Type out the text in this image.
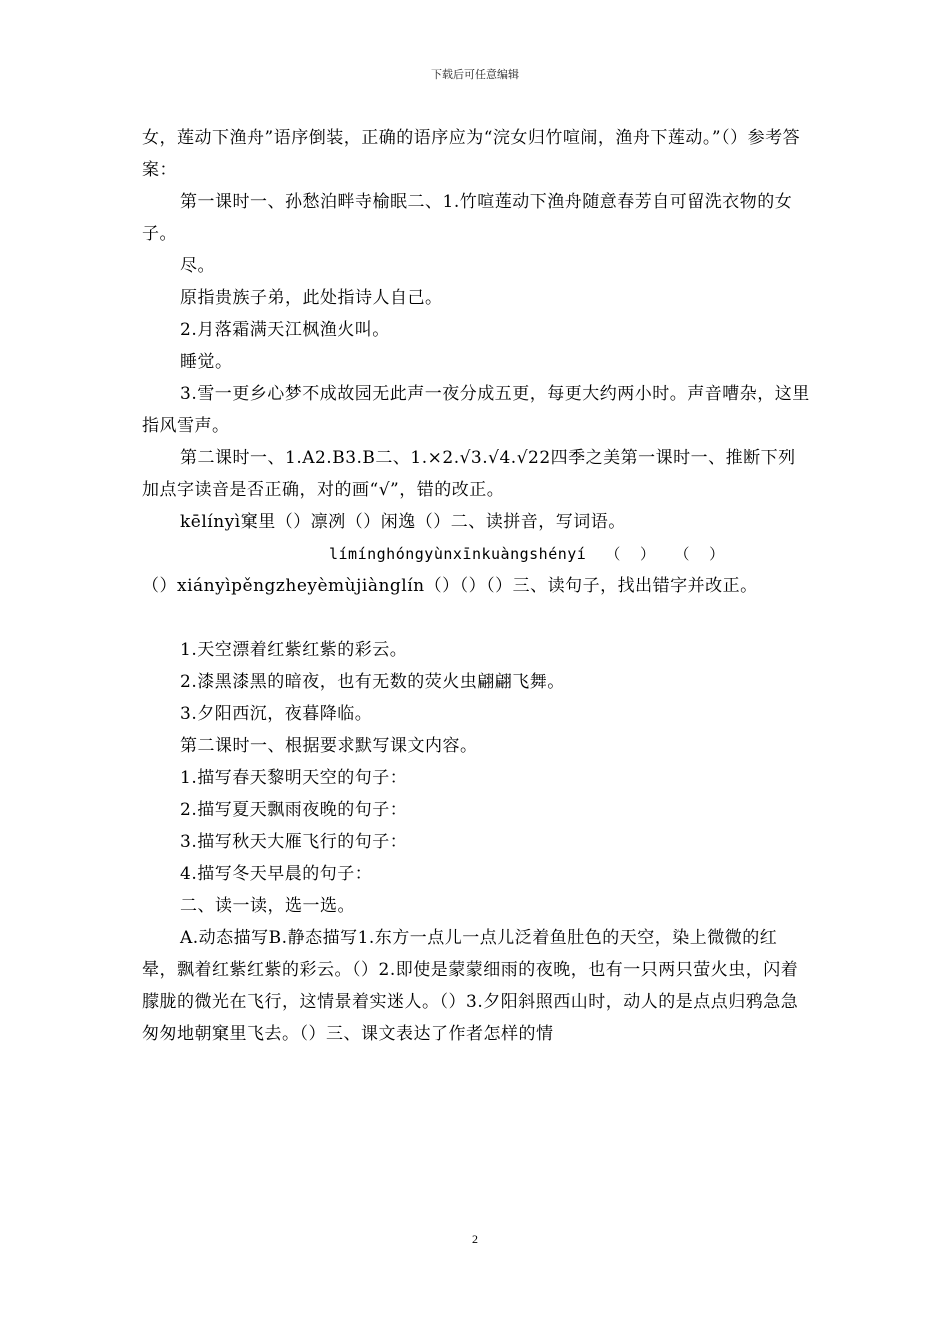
下载后可任意编辑

女，莲动下渔舟”语序倒装，正确的语序应为“浣女归竹喧闹，渔舟下莲动。”（）参考答案：

第一课时一、孙愁泊畔寺榆眠二、1.竹喧莲动下渔舟随意春芳自可留洗衣物的女子。

尽。

原指贵族子弟，此处指诗人自己。

2.月落霜满天江枫渔火叫。

睡觉。

3.雪一更乡心梦不成故园无此声一夜分成五更，每更大约两小时。声音嘈杂，这里指风雪声。

第二课时一、1.A2.B3.B二、1.×2.√3.√4.√22四季之美第一课时一、推断下列加点字读音是否正确，对的画“√”，错的改正。

kēlínyì窠里（）凛冽（）闲逸（）二、读拼音，写词语。

límínghóngyùnxīnkuàngshényí  （  ）  （  ）

（）xiányìpěngzheyèmùjiànglín（）（）（）三、读句子，找出错字并改正。

1.天空漂着红紫红紫的彩云。

2.漆黑漆黑的暗夜，也有无数的荧火虫翩翩飞舞。

3.夕阳西沉，夜暮降临。

第二课时一、根据要求默写课文内容。

1.描写春天黎明天空的句子：

2.描写夏天飘雨夜晚的句子：

3.描写秋天大雁飞行的句子：

4.描写冬天早晨的句子：

二、读一读，选一选。

A.动态描写B.静态描写1.东方一点儿一点儿泛着鱼肚色的天空，染上微微的红晕，飘着红紫红紫的彩云。（）2.即使是蒙蒙细雨的夜晚，也有一只两只萤火虫，闪着朦胧的微光在飞行，这情景着实迷人。（）3.夕阳斜照西山时，动人的是点点归鸦急急匆匆地朝窠里飞去。（）三、课文表达了作者怎样的情

2
